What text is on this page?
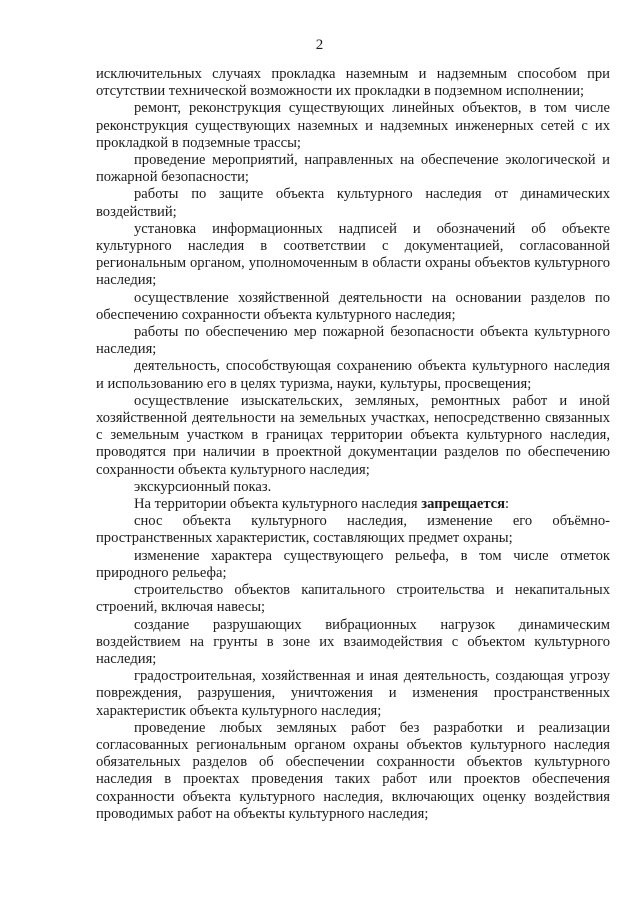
2

исключительных случаях прокладка наземным и надземным способом при отсутствии технической возможности их прокладки в подземном исполнении;

ремонт, реконструкция существующих линейных объектов, в том числе реконструкция существующих наземных и надземных инженерных сетей с их прокладкой в подземные трассы;

проведение мероприятий, направленных на обеспечение экологической и пожарной безопасности;

работы по защите объекта культурного наследия от динамических воздействий;

установка информационных надписей и обозначений об объекте культурного наследия в соответствии с документацией, согласованной региональным органом, уполномоченным в области охраны объектов культурного наследия;

осуществление хозяйственной деятельности на основании разделов по обеспечению сохранности объекта культурного наследия;

работы по обеспечению мер пожарной безопасности объекта культурного наследия;

деятельность, способствующая сохранению объекта культурного наследия и использованию его в целях туризма, науки, культуры, просвещения;

осуществление изыскательских, земляных, ремонтных работ и иной хозяйственной деятельности на земельных участках, непосредственно связанных с земельным участком в границах территории объекта культурного наследия, проводятся при наличии в проектной документации разделов по обеспечению сохранности объекта культурного наследия;

экскурсионный показ.

На территории объекта культурного наследия запрещается:

снос объекта культурного наследия, изменение его объёмно-пространственных характеристик, составляющих предмет охраны;

изменение характера существующего рельефа, в том числе отметок природного рельефа;

строительство объектов капитального строительства и некапитальных строений, включая навесы;

создание разрушающих вибрационных нагрузок динамическим воздействием на грунты в зоне их взаимодействия с объектом культурного наследия;

градостроительная, хозяйственная и иная деятельность, создающая угрозу повреждения, разрушения, уничтожения и изменения пространственных характеристик объекта культурного наследия;

проведение любых земляных работ без разработки и реализации согласованных региональным органом охраны объектов культурного наследия обязательных разделов об обеспечении сохранности объектов культурного наследия в проектах проведения таких работ или проектов обеспечения сохранности объекта культурного наследия, включающих оценку воздействия проводимых работ на объекты культурного наследия;
